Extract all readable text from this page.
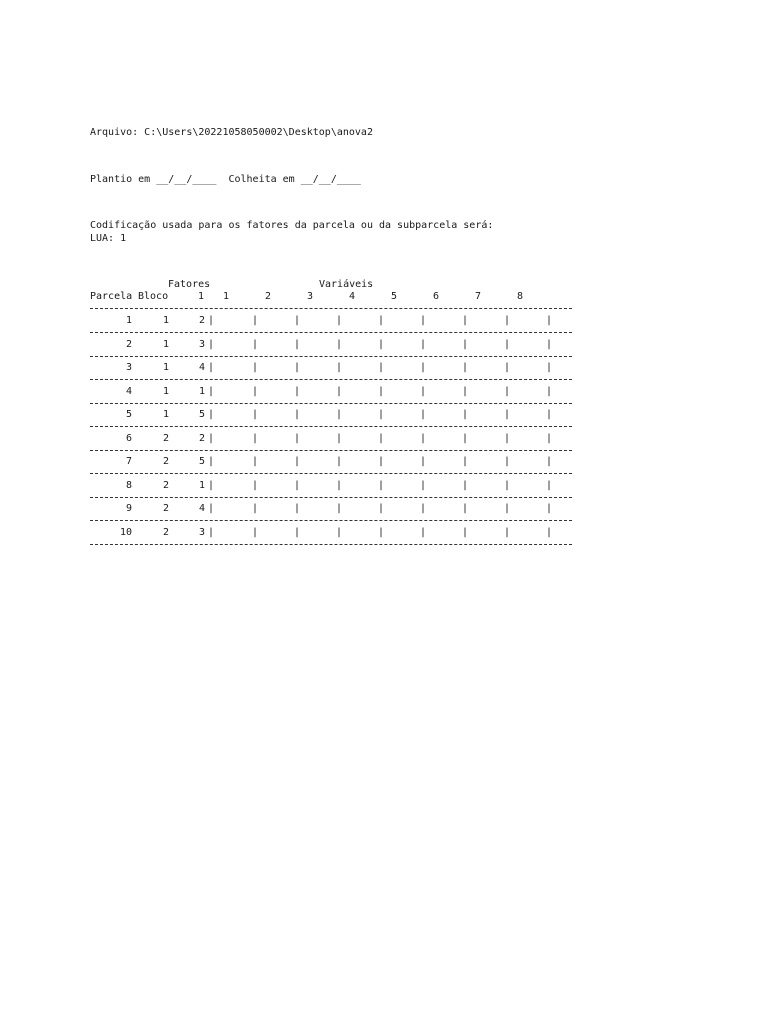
Arquivo: C:\Users\20221058050002\Desktop\anova2
Plantio em __/__/____  Colheita em __/__/____
Codificação usada para os fatores da parcela ou da subparcela será:
LUA: 1
Fatores	Variáveis
Parcela Bloco	1 1	2	3	4	5	6	7	8
1	1	2 |	|	|	|	|	|	|	|	|
2	1	3 |	|	|	|	|	|	|	|	|
3	1	4 |	|	|	|	|	|	|	|	|
4	1	1 |	|	|	|	|	|	|	|	|
5	1	5 |	|	|	|	|	|	|	|	|
6	2	2 |	|	|	|	|	|	|	|	|
7	2	5 |	|	|	|	|	|	|	|	|
8	2	1 |	|	|	|	|	|	|	|	|
9	2	4 |	|	|	|	|	|	|	|	|
10	2	3 |	|	|	|	|	|	|	|	|
